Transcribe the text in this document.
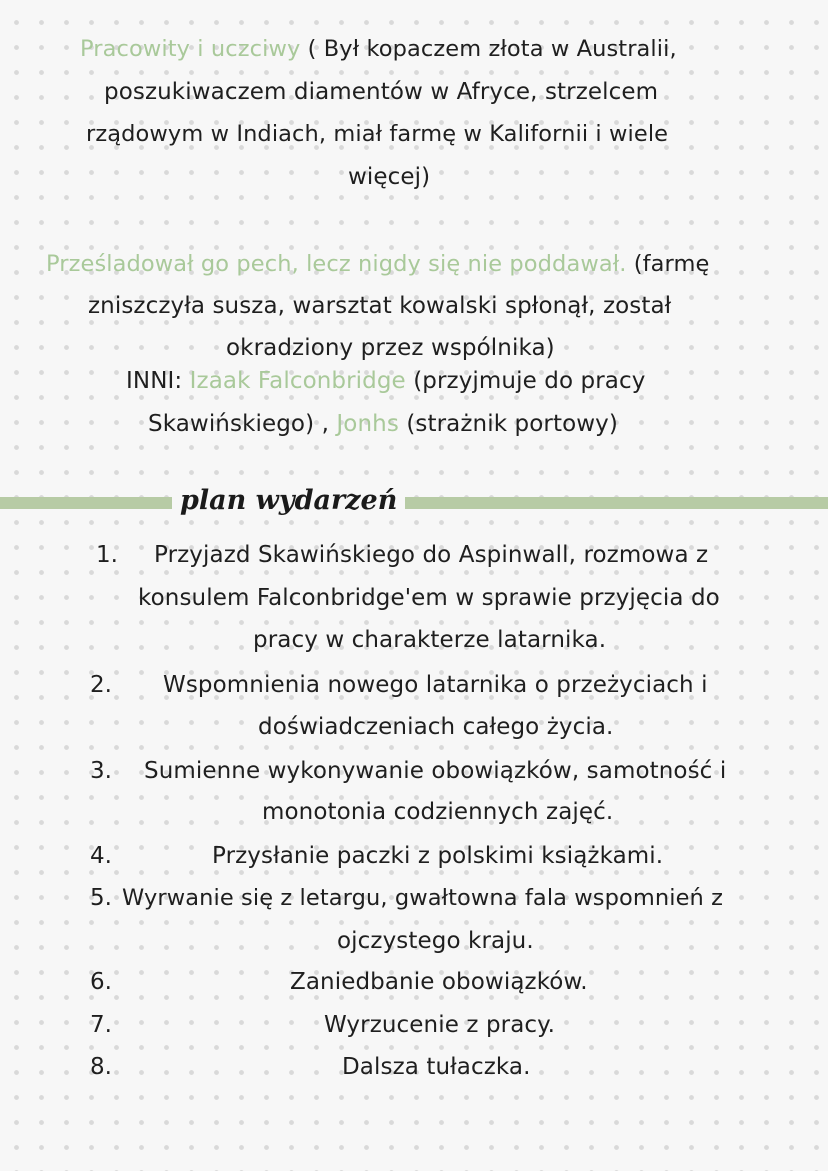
Pracowity i uczciwy ( Był kopaczem złota w Australii,
poszukiwaczem diamentów w Afryce, strzelcem
rządowym w Indiach, miał farmę w Kalifornii i wiele
więcej)
Prześladował go pech, lecz nigdy się nie poddawał. (farmę
zniszczyła susza, warsztat kowalski spłonął, został
okradziony przez wspólnika)
INNI: Izaak Falconbridge (przyjmuje do pracy
Skawińskiego) , Jonhs (strażnik portowy)
plan wydarzeń
1. Przyjazd Skawińskiego do Aspinwall, rozmowa z
konsulem Falconbridge'em w sprawie przyjęcia do
pracy w charakterze latarnika.
2. Wspomnienia nowego latarnika o przeżyciach i
doświadczeniach całego życia.
3. Sumienne wykonywanie obowiązków, samotność i
monotonia codziennych zajęć.
4.	Przysłanie paczki z polskimi książkami.
5. Wyrwanie się z letargu, gwałtowna fala wspomnień z
ojczystego kraju.
6.	Zaniedbanie obowiązków.
7.	Wyrzucenie z pracy.
8.	Dalsza tułaczka.
